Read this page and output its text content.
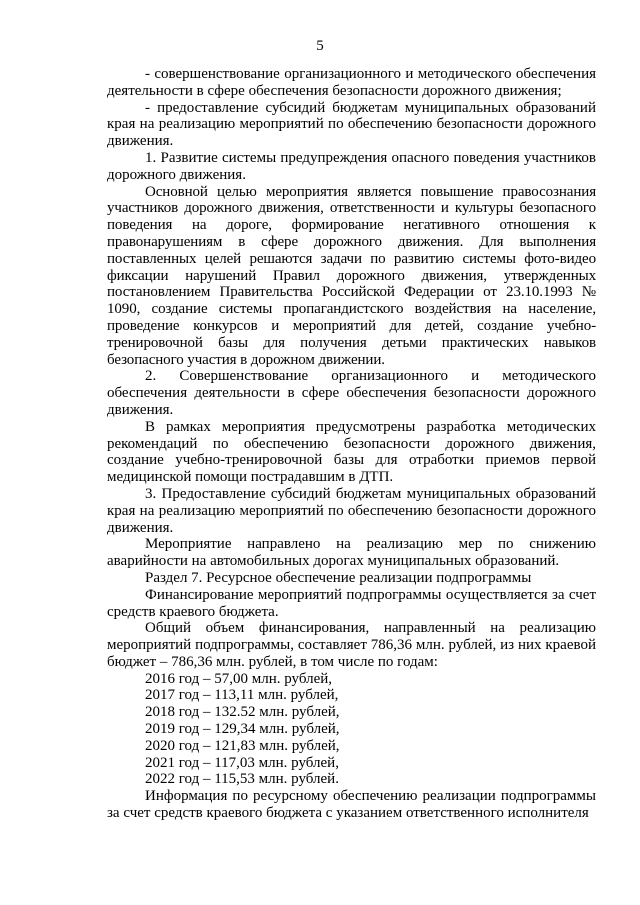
5

- совершенствование организационного и методического обеспечения деятельности в сфере обеспечения безопасности дорожного движения;

- предоставление субсидий бюджетам муниципальных образований края на реализацию мероприятий по обеспечению безопасности дорожного движения.

1. Развитие системы предупреждения опасного поведения участников дорожного движения.

Основной целью мероприятия является повышение правосознания участников дорожного движения, ответственности и культуры безопасного поведения на дороге, формирование негативного отношения к правонарушениям в сфере дорожного движения. Для выполнения поставленных целей решаются задачи по развитию системы фото-видео фиксации нарушений Правил дорожного движения, утвержденных постановлением Правительства Российской Федерации от 23.10.1993 № 1090, создание системы пропагандистского воздействия на население, проведение конкурсов и мероприятий для детей, создание учебно-тренировочной базы для получения детьми практических навыков безопасного участия в дорожном движении.

2. Совершенствование организационного и методического обеспечения деятельности в сфере обеспечения безопасности дорожного движения.

В рамках мероприятия предусмотрены разработка методических рекомендаций по обеспечению безопасности дорожного движения, создание учебно-тренировочной базы для отработки приемов первой медицинской помощи пострадавшим в ДТП.

3. Предоставление субсидий бюджетам муниципальных образований края на реализацию мероприятий по обеспечению безопасности дорожного движения.

Мероприятие направлено на реализацию мер по снижению аварийности на автомобильных дорогах муниципальных образований.

Раздел 7. Ресурсное обеспечение реализации подпрограммы

Финансирование мероприятий подпрограммы осуществляется за счет средств краевого бюджета.

Общий объем финансирования, направленный на реализацию мероприятий подпрограммы, составляет 786,36 млн. рублей, из них краевой бюджет – 786,36 млн. рублей, в том числе по годам:

2016 год – 57,00 млн. рублей,

2017 год – 113,11 млн. рублей,

2018 год – 132.52 млн. рублей,

2019 год – 129,34 млн. рублей,

2020 год – 121,83 млн. рублей,

2021 год – 117,03 млн. рублей,

2022 год – 115,53 млн. рублей.

Информация по ресурсному обеспечению реализации подпрограммы за счет средств краевого бюджета с указанием ответственного исполнителя
